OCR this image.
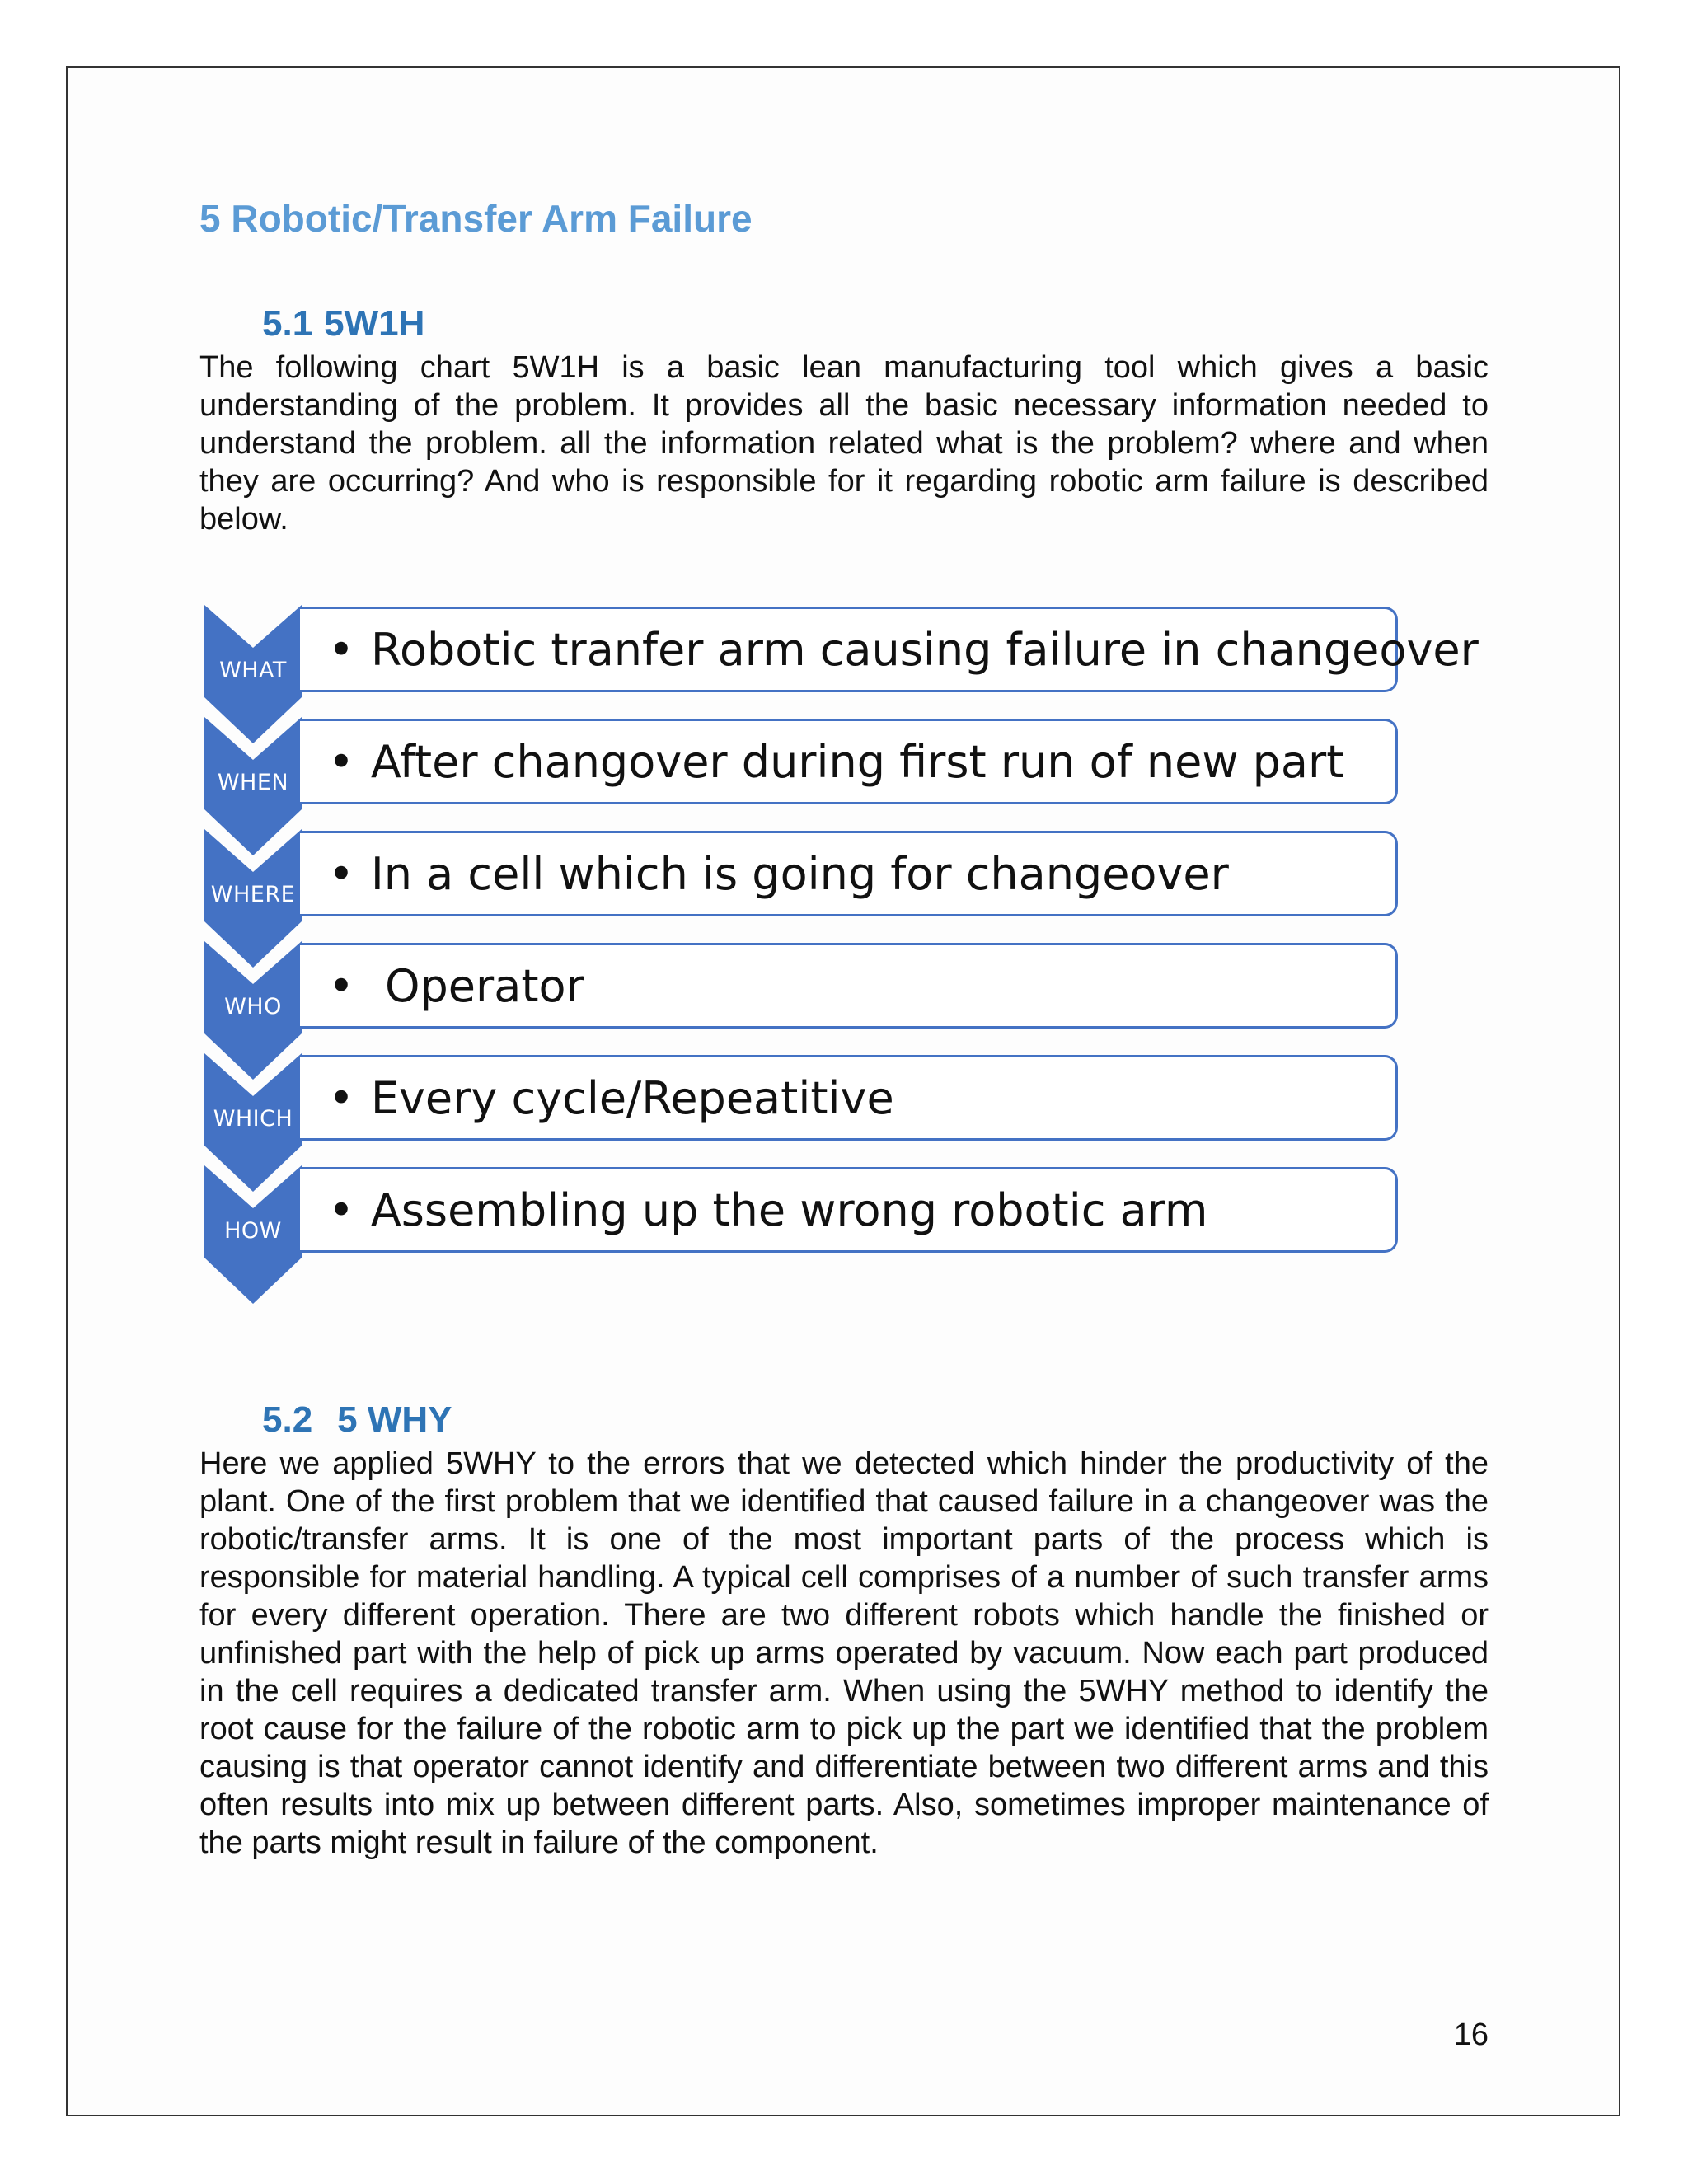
5 Robotic/Transfer Arm Failure
5.1 5W1H

The following chart 5W1H is a basic lean manufacturing tool which gives a basic understanding of the problem. It provides all the basic necessary information needed to understand the problem. all the information related what is the problem? where and when they are occurring? And who is responsible for it regarding robotic arm failure is described below.

WHAT • Robotic tranfer arm causing failure in changeover
WHEN • After changover during first run of new part
WHERE • In a cell which is going for changeover
WHO	• Operator
WHICH • Every cycle/Repeatitive
HOW	• Assembling up the wrong robotic arm
5.2 5 WHY

Here we applied 5WHY to the errors that we detected which hinder the productivity of the plant. One of the first problem that we identified that caused failure in a changeover was the robotic/transfer arms. It is one of the most important parts of the process which is responsible for material handling. A typical cell comprises of a number of such transfer arms for every different operation. There are two different robots which handle the finished or unfinished part with the help of pick up arms operated by vacuum. Now each part produced in the cell requires a dedicated transfer arm. When using the 5WHY method to identify the root cause for the failure of the robotic arm to pick up the part we identified that the problem causing is that operator cannot identify and differentiate between two different arms and this often results into mix up between different parts. Also, sometimes improper maintenance of the parts might result in failure of the component.

16
